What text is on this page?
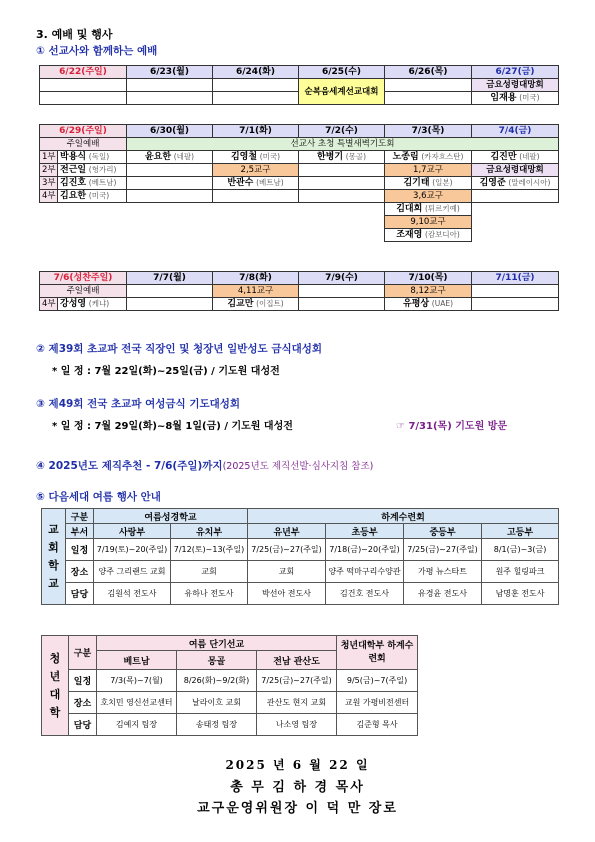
3. 예배 및 행사
① 선교사와 함께하는 예배
6/22(주일)	6/23(월)	6/24(화)	6/25(수)	6/26(목)	6/27(금)
			순복음세계선교대회		금요성령대망회
					임재용 (미국)
6/29(주일)		6/30(월)	7/1(화)	7/2(수)	7/3(목)	7/4(금)
주일예배		선교사 초청 특별새벽기도회				
1부	박용식 (독일)	윤요한 (네팔)	김영철 (미국)	한병기 (몽골)	노종림 (카자흐스탄)	김진만 (네팔)
2부	전근일 (헝가리)		2,5교구		1,7교구	금요성령대망회
3부	김진호 (베트남)		반관수 (베트남)		김기태 (일본)	김영준 (말레이시아)
4부	김요한 (미국)				3,6교구	
					김대희 (튀르키예)	
					9,10교구	
					조재영 (캄보디아)	
7/6(성찬주일)		7/7(월)	7/8(화)	7/9(수)	7/10(목)	7/11(금)
주일예배			4,11교구		8,12교구	
4부	강성영 (케냐)		김교만 (이집트)		유평상 (UAE)	
② 제39회 초교파 전국 직장인 및 청장년 일반성도 금식대성회
* 일 정 : 7월 22일(화)~25일(금) / 기도원 대성전
③ 제49회 전국 초교파 여성금식 기도대성회
* 일 정 : 7월 29일(화)~8월 1일(금) / 기도원 대성전	☞ 7/31(목) 기도원 방문
④ 2025년도 제직추천 - 7/6(주일)까지(2025년도 제직선발·심사지침 참조)
⑤ 다음세대 여름 행사 안내
교
회
학
교	구분	여름성경학교		하계수련회			
	부서	사랑부	유치부	유년부	초등부	중등부	고등부
	일정	7/19(토)~20(주일)	7/12(토)~13(주일)	7/25(금)~27(주일)	7/18(금)~20(주일)	7/25(금)~27(주일)	8/1(금)~3(금)
	장소	양주 그리랜드 교회	교회	교회	양주 떡마구리수양관	가평 뉴스타트	원주 힐링파크
	담당	김원석 전도사	유하나 전도사	박선아 전도사	김건호 전도사	유경윤 전도사	남명훈 전도사
청
년
대
학	구분	여름 단기선교			청년대학부 하계수련회
		베트남	몽골	전남 관산도	
	일정	7/3(목)~7(월)	8/26(화)~9/2(화)	7/25(금)~27(주일)	9/5(금)~7(주일)
	장소	호치민 영신선교센터	날라이흐 교회	관산도 현지 교회	교원 가평비전센터
	담당	김예지 팀장	송태정 팀장	나소영 팀장	김준형 목사
2025 년 6 월 22 일
총 무 김 하 경 목사
교구운영위원장 이 덕 만 장로
